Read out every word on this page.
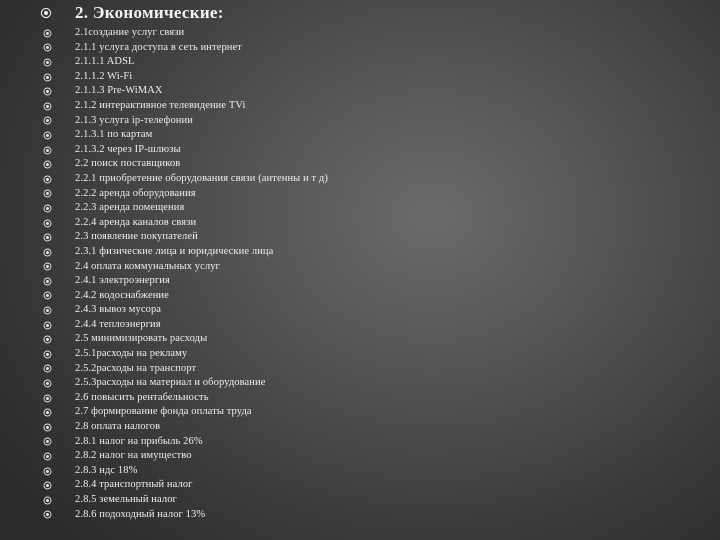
2. Экономические:
2.1создание услуг связи
2.1.1 услуга доступа в сеть интернет
2.1.1.1 ADSL
2.1.1.2 Wi-Fi
2.1.1.3 Pre-WiMAX
2.1.2 интерактивное телевидение TVi
2.1.3 услуга ip-телефонии
2.1.3.1 по картам
2.1.3.2 через IP-шлюзы
2.2 поиск поставщиков
2.2.1 приобретение оборудования связи (антенны и т д)
2.2.2 аренда оборудования
2.2.3 аренда помещения
2.2.4 аренда каналов связи
2.3 появление покупателей
2.3.1 физические лица и юридические лица
2.4 оплата коммунальных услуг
2.4.1 электроэнергия
2.4.2 водоснабжение
2.4.3 вывоз мусора
2.4.4 теплоэнергия
2.5 минимизировать расходы
2.5.1расходы на рекламу
2.5.2расходы на транспорт
2.5.3расходы на материал и оборудование
2.6 повысить рентабельность
2.7 формирование фонда оплаты труда
2.8 оплата налогов
2.8.1 налог на прибыль 26%
2.8.2 налог на имущество
2.8.3 ндс 18%
2.8.4 транспортный налог
2.8.5 земельный налог
2.8.6 подоходный налог 13%
